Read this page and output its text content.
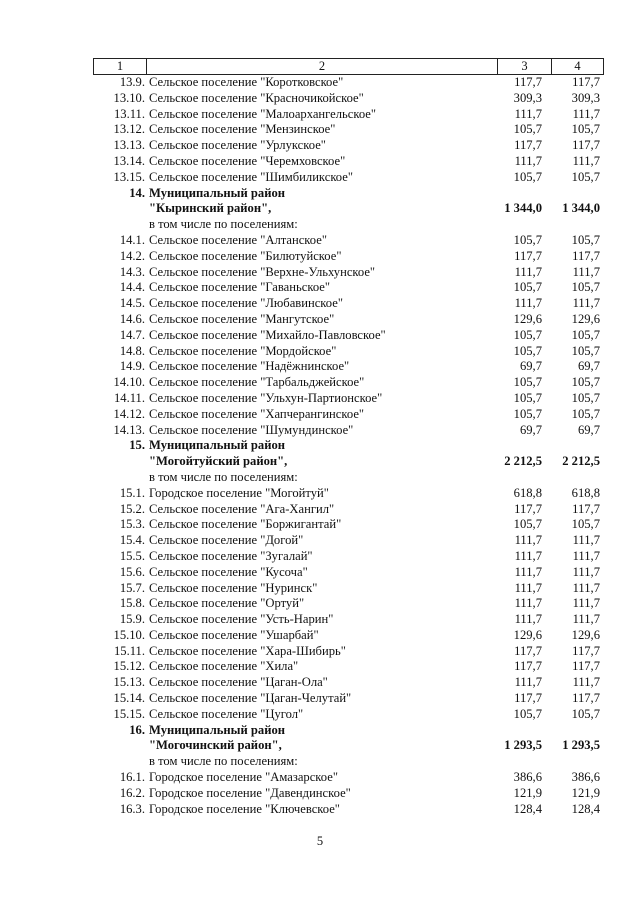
1	2	3	4
13.9. Сельское поселение "Коротковское"	117,7 117,7
13.10. Сельское поселение "Красночикойское"	309,3 309,3
13.11. Сельское поселение "Малоархангельское"	111,7 111,7
13.12. Сельское поселение "Мензинское"	105,7 105,7
13.13. Сельское поселение "Урлукское"	117,7 117,7
13.14. Сельское поселение "Черемховское"	111,7 111,7
13.15. Сельское поселение "Шимбиликское"	105,7 105,7
14. Муниципальный район
"Кыринский район",	1 344,0 1 344,0
в том числе по поселениям:
14.1. Сельское поселение "Алтанское"	105,7 105,7
14.2. Сельское поселение "Билютуйское"	117,7 117,7
14.3. Сельское поселение "Верхне-Ульхунское"	111,7 111,7
14.4. Сельское поселение "Гаваньское"	105,7 105,7
14.5. Сельское поселение "Любавинское"	111,7 111,7
14.6. Сельское поселение "Мангутское"	129,6 129,6
14.7. Сельское поселение "Михайло-Павловское"	105,7 105,7
14.8. Сельское поселение "Мордойское"	105,7 105,7
14.9. Сельское поселение "Надёжнинское"	69,7	69,7
14.10. Сельское поселение "Тарбальджейское"	105,7 105,7
14.11. Сельское поселение "Ульхун-Партионское"	105,7 105,7
14.12. Сельское поселение "Хапчерангинское"	105,7 105,7
14.13. Сельское поселение "Шумундинское"	69,7	69,7
15. Муниципальный район
"Могойтуйский район",	2 212,5 2 212,5
в том числе по поселениям:
15.1. Городское поселение "Могойтуй"	618,8 618,8
15.2. Сельское поселение "Ага-Хангил"	117,7 117,7
15.3. Сельское поселение "Боржигантай"	105,7 105,7
15.4. Сельское поселение "Догой"	111,7 111,7
15.5. Сельское поселение "Зугалай"	111,7 111,7
15.6. Сельское поселение "Кусоча"	111,7 111,7
15.7. Сельское поселение "Нуринск"	111,7 111,7
15.8. Сельское поселение "Ортуй"	111,7 111,7
15.9. Сельское поселение "Усть-Нарин"	111,7 111,7
15.10. Сельское поселение "Ушарбай"	129,6 129,6
15.11. Сельское поселение "Хара-Шибирь"	117,7 117,7
15.12. Сельское поселение "Хила"	117,7 117,7
15.13. Сельское поселение "Цаган-Ола"	111,7 111,7
15.14. Сельское поселение "Цаган-Челутай"	117,7 117,7
15.15. Сельское поселение "Цугол"	105,7 105,7
16. Муниципальный район
"Могочинский район",	1 293,5 1 293,5
в том числе по поселениям:
16.1. Городское поселение "Амазарское"	386,6 386,6
16.2. Городское поселение "Давендинское"	121,9 121,9
16.3. Городское поселение "Ключевское"	128,4 128,4
5
